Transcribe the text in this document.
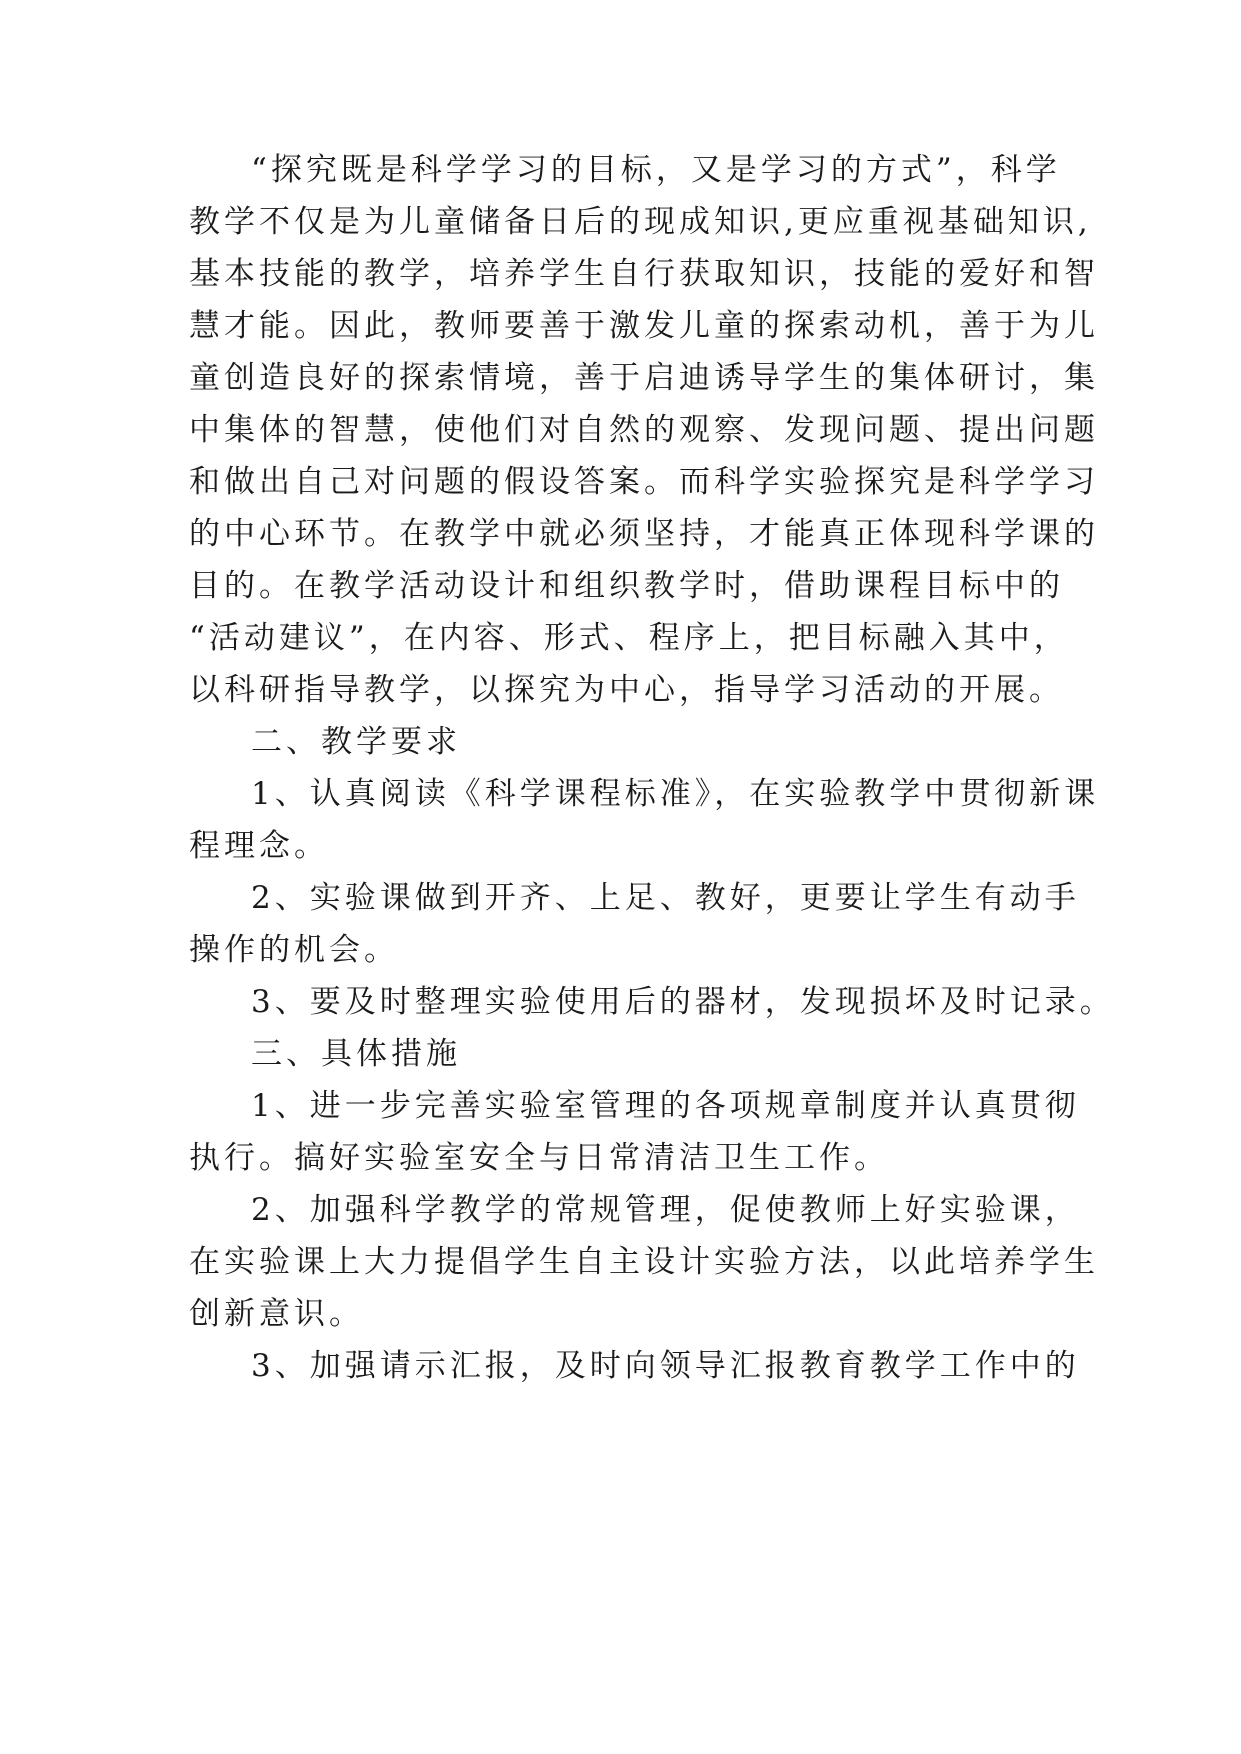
“探究既是科学学习的目标，又是学习的方式”，科学
教学不仅是为儿童储备日后的现成知识,更应重视基础知识,
基本技能的教学，培养学生自行获取知识，技能的爱好和智
慧才能。因此，教师要善于激发儿童的探索动机，善于为儿
童创造良好的探索情境，善于启迪诱导学生的集体研讨，集
中集体的智慧，使他们对自然的观察、发现问题、提出问题
和做出自己对问题的假设答案。而科学实验探究是科学学习
的中心环节。在教学中就必须坚持，才能真正体现科学课的
目的。在教学活动设计和组织教学时，借助课程目标中的
“活动建议”，在内容、形式、程序上，把目标融入其中，
以科研指导教学，以探究为中心，指导学习活动的开展。
二、教学要求
1、认真阅读《科学课程标准》，在实验教学中贯彻新课
程理念。
2、实验课做到开齐、上足、教好，更要让学生有动手
操作的机会。
3、要及时整理实验使用后的器材，发现损坏及时记录。
三、具体措施
1、进一步完善实验室管理的各项规章制度并认真贯彻
执行。搞好实验室安全与日常清洁卫生工作。
2、加强科学教学的常规管理，促使教师上好实验课，
在实验课上大力提倡学生自主设计实验方法，以此培养学生
创新意识。
3、加强请示汇报，及时向领导汇报教育教学工作中的
